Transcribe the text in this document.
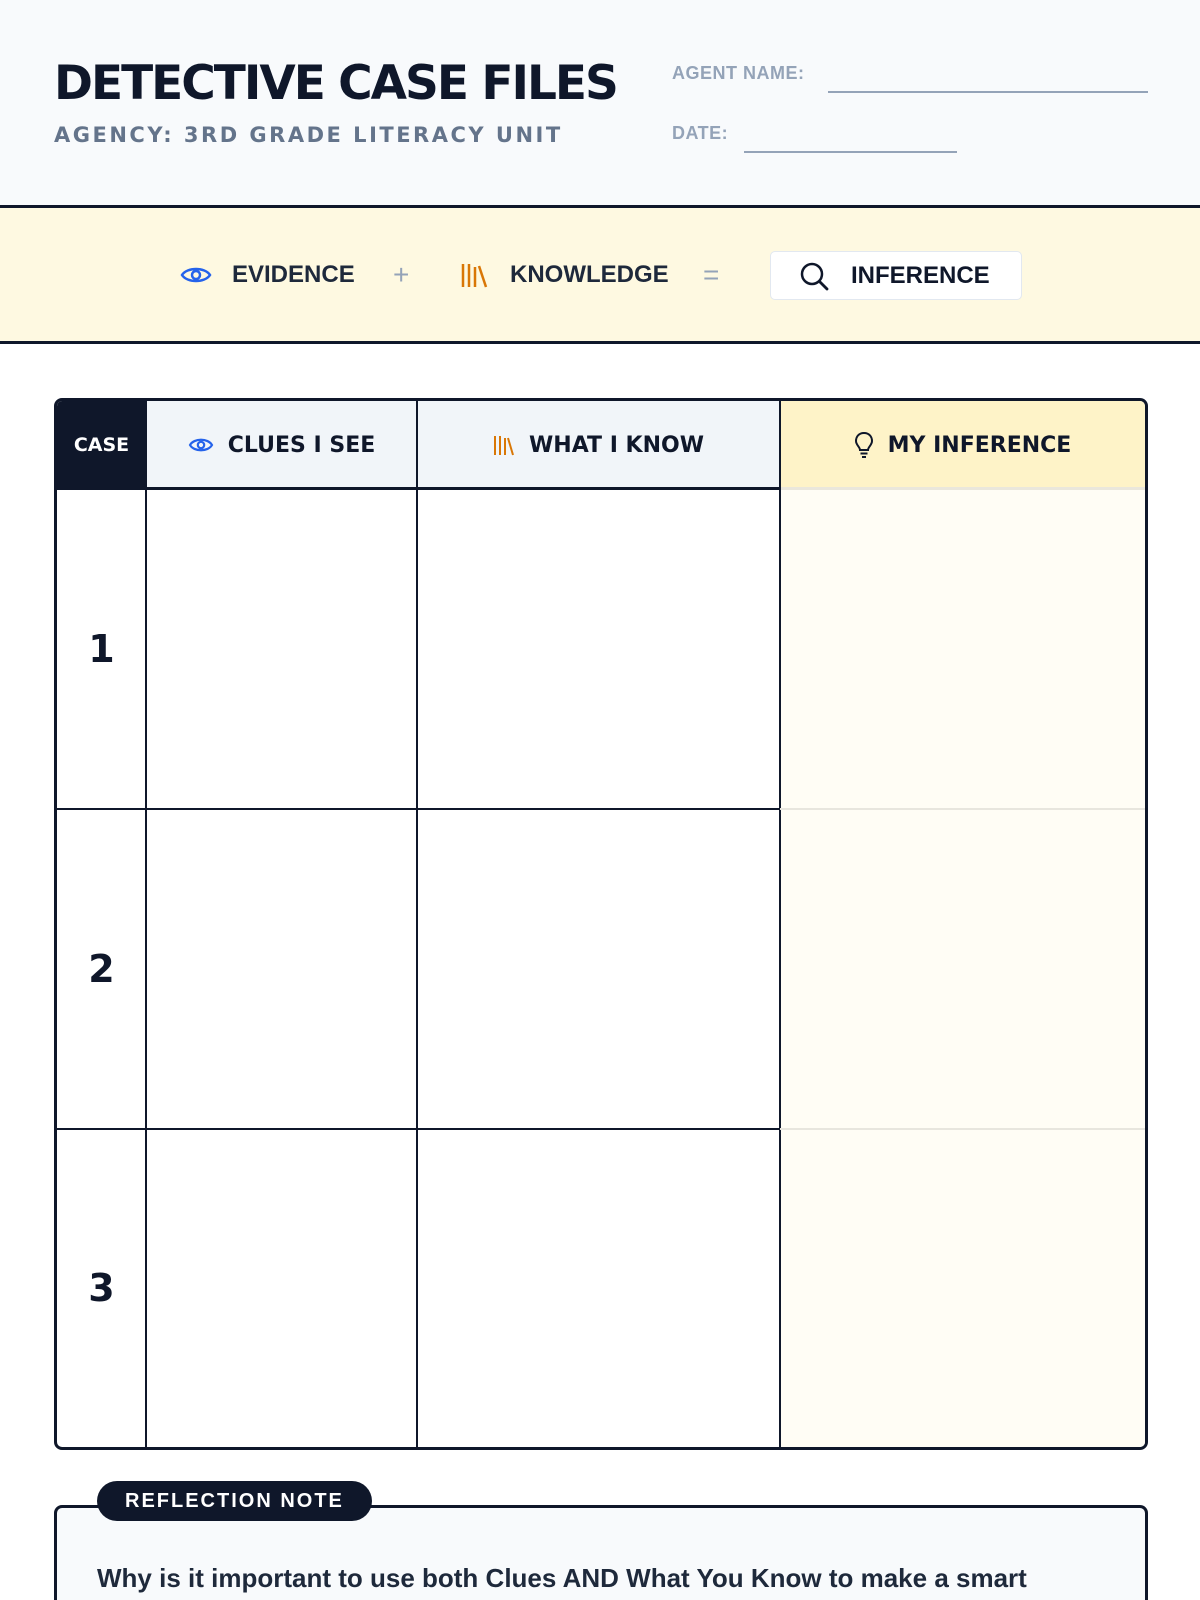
DETECTIVE CASE FILES
AGENCY: 3RD GRADE LITERACY UNIT
AGENT NAME:
DATE:
EVIDENCE +	KNOWLEDGE =	INFERENCE
CASE	CLUES I SEE	WHAT I KNOW	MY INFERENCE
1
2
3
REFLECTION NOTE
Why is it important to use both Clues AND What You Know to make a smart
